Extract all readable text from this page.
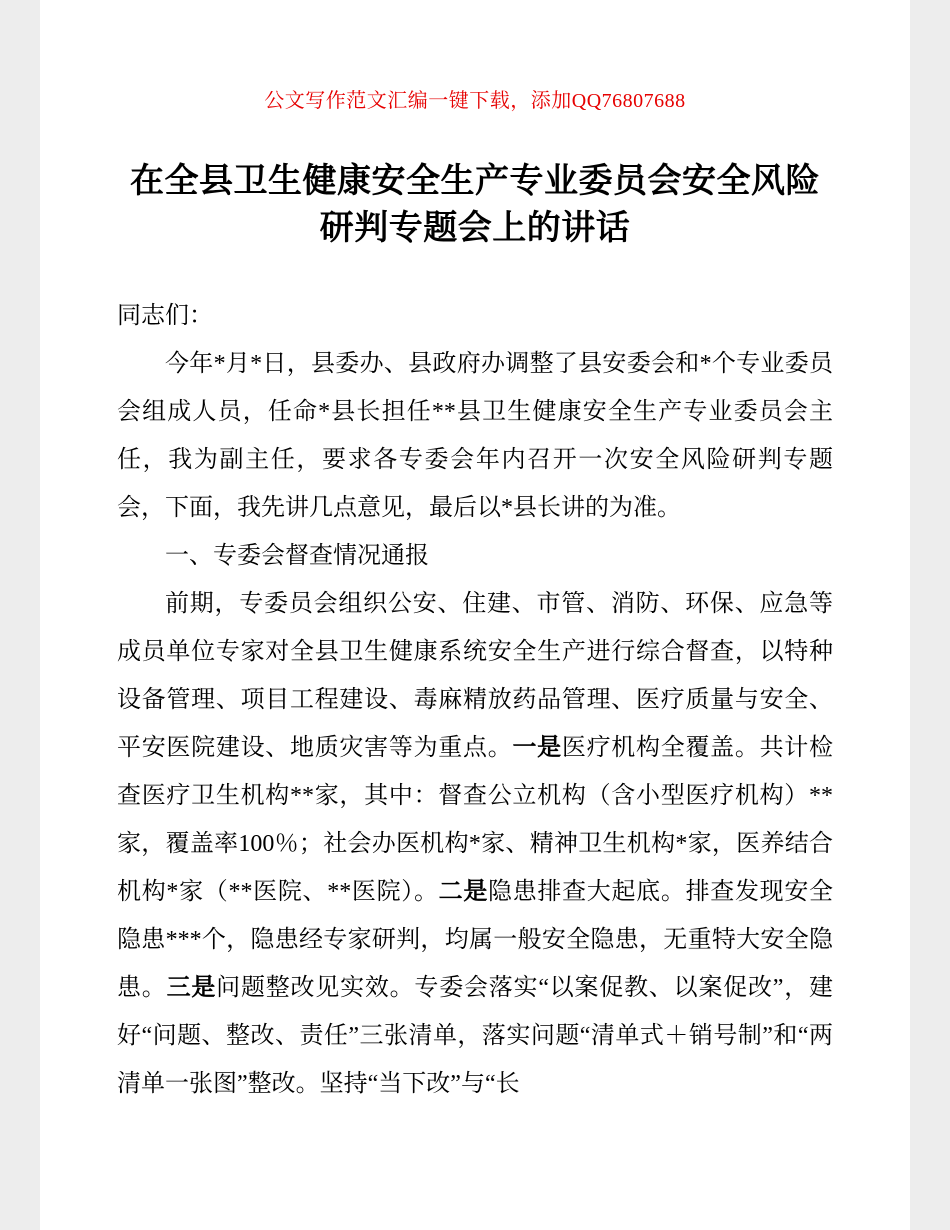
公文写作范文汇编一键下载，添加QQ76807688
在全县卫生健康安全生产专业委员会安全风险
研判专题会上的讲话

同志们：

今年*月*日，县委办、县政府办调整了县安委会和*个专业委员会组成人员，任命*县长担任**县卫生健康安全生产专业委员会主任，我为副主任，要求各专委会年内召开一次安全风险研判专题会，下面，我先讲几点意见，最后以*县长讲的为准。

一、专委会督查情况通报

前期，专委员会组织公安、住建、市管、消防、环保、应急等成员单位专家对全县卫生健康系统安全生产进行综合督查，以特种设备管理、项目工程建设、毒麻精放药品管理、医疗质量与安全、平安医院建设、地质灾害等为重点。一是医疗机构全覆盖。共计检查医疗卫生机构**家，其中：督查公立机构（含小型医疗机构）**家，覆盖率100％；社会办医机构*家、精神卫生机构*家，医养结合机构*家（**医院、**医院）。二是隐患排查大起底。排查发现安全隐患***个，隐患经专家研判，均属一般安全隐患，无重特大安全隐患。三是问题整改见实效。专委会落实“以案促教、以案促改”，建好“问题、整改、责任”三张清单，落实问题“清单式＋销号制”和“两清单一张图”整改。坚持“当下改”与“长
